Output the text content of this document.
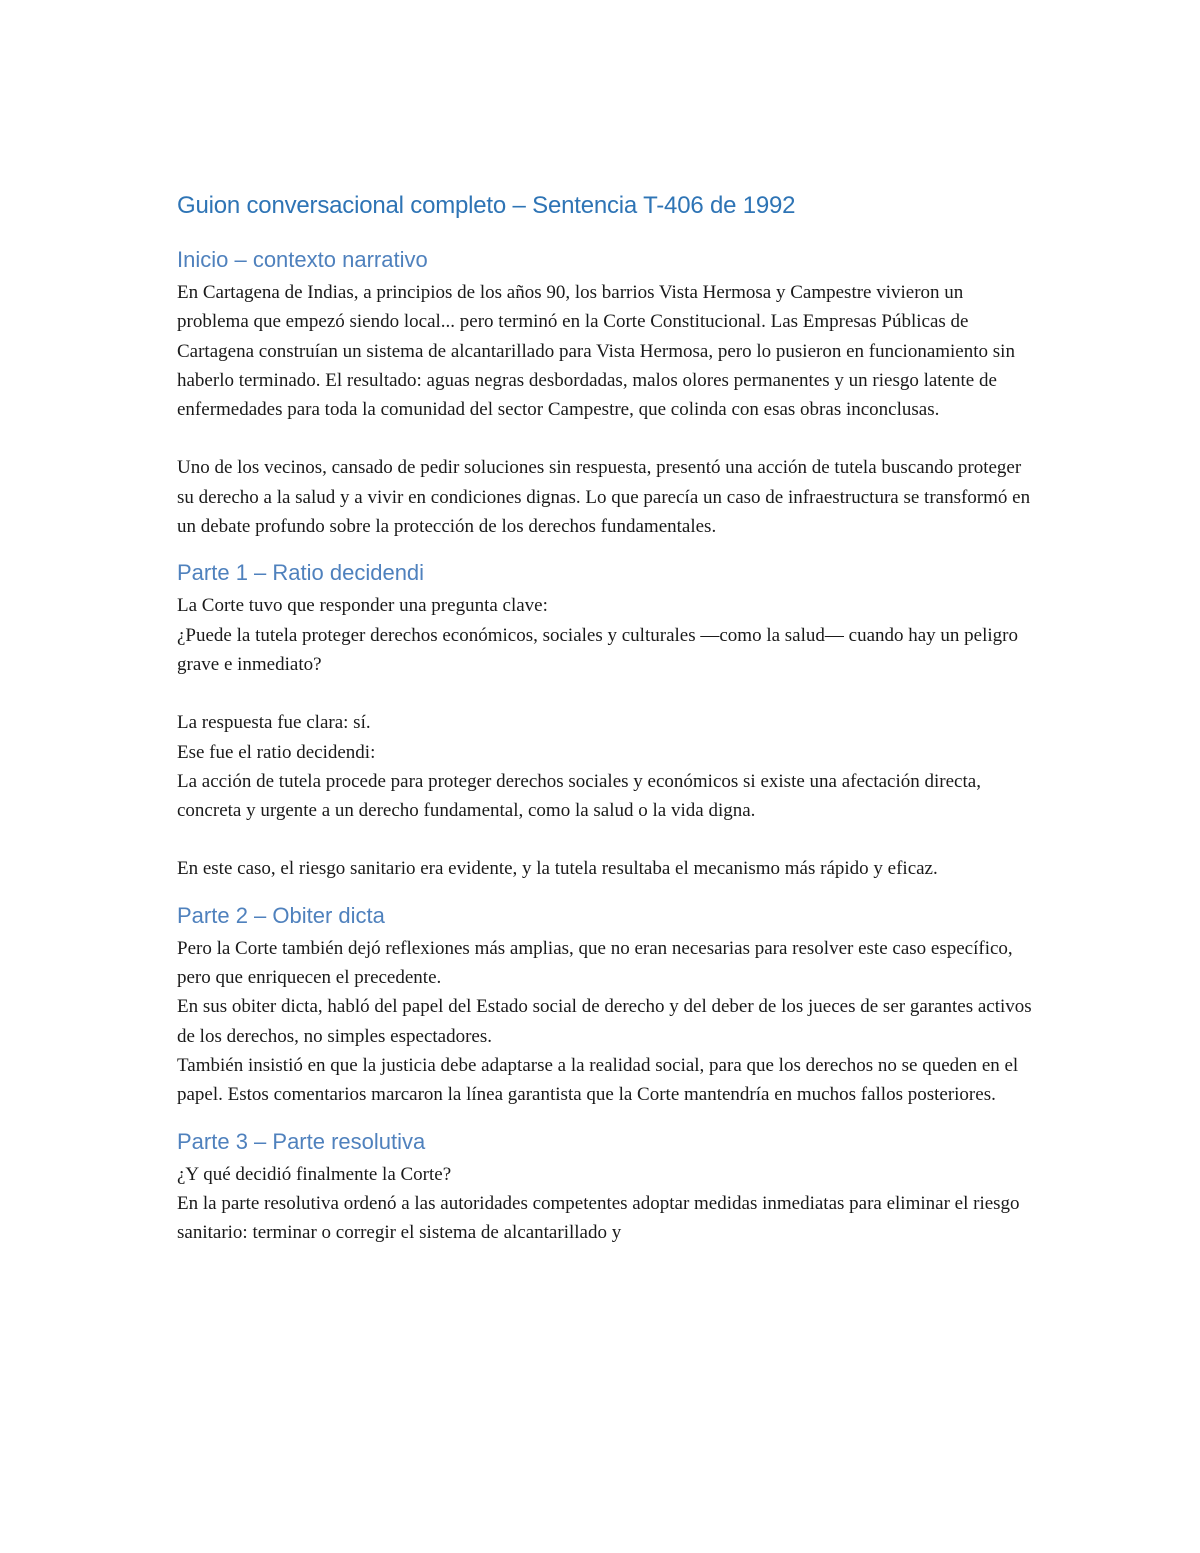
Guion conversacional completo – Sentencia T-406 de 1992
Inicio – contexto narrativo

En Cartagena de Indias, a principios de los años 90, los barrios Vista Hermosa y Campestre vivieron un problema que empezó siendo local... pero terminó en la Corte Constitucional. Las Empresas Públicas de Cartagena construían un sistema de alcantarillado para Vista Hermosa, pero lo pusieron en funcionamiento sin haberlo terminado. El resultado: aguas negras desbordadas, malos olores permanentes y un riesgo latente de enfermedades para toda la comunidad del sector Campestre, que colinda con esas obras inconclusas.

Uno de los vecinos, cansado de pedir soluciones sin respuesta, presentó una acción de tutela buscando proteger su derecho a la salud y a vivir en condiciones dignas. Lo que parecía un caso de infraestructura se transformó en un debate profundo sobre la protección de los derechos fundamentales.

Parte 1 – Ratio decidendi

La Corte tuvo que responder una pregunta clave:

¿Puede la tutela proteger derechos económicos, sociales y culturales —como la salud— cuando hay un peligro grave e inmediato?

La respuesta fue clara: sí.

Ese fue el ratio decidendi:

La acción de tutela procede para proteger derechos sociales y económicos si existe una afectación directa, concreta y urgente a un derecho fundamental, como la salud o la vida digna.

En este caso, el riesgo sanitario era evidente, y la tutela resultaba el mecanismo más rápido y eficaz.

Parte 2 – Obiter dicta

Pero la Corte también dejó reflexiones más amplias, que no eran necesarias para resolver este caso específico, pero que enriquecen el precedente.

En sus obiter dicta, habló del papel del Estado social de derecho y del deber de los jueces de ser garantes activos de los derechos, no simples espectadores.

También insistió en que la justicia debe adaptarse a la realidad social, para que los derechos no se queden en el papel. Estos comentarios marcaron la línea garantista que la Corte mantendría en muchos fallos posteriores.

Parte 3 – Parte resolutiva

¿Y qué decidió finalmente la Corte?

En la parte resolutiva ordenó a las autoridades competentes adoptar medidas inmediatas para eliminar el riesgo sanitario: terminar o corregir el sistema de alcantarillado y
